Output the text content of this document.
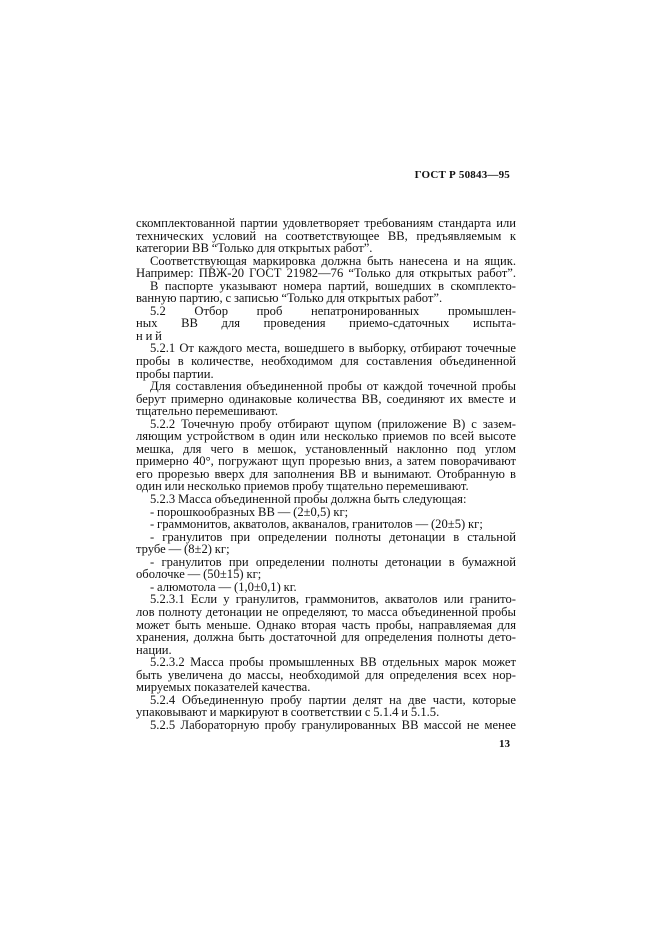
ГОСТ Р 50843—95
скомплектованной партии удовлетворяет требованиям стандарта или
технических условий на соответствующее ВВ, предъявляемым к
категории ВВ “Только для открытых работ”.
Соответствующая маркировка должна быть нанесена и на ящик.
Например: ПВЖ-20 ГОСТ 21982—76 “Только для открытых работ”.
В паспорте указывают номера партий, вошедших в скомплекто-
ванную партию, с записью “Только для открытых работ”.
5.2 Отбор проб непатронированных промышлен-
ных ВВ для проведения приемо-сдаточных испыта-
н и й
5.2.1 От каждого места, вошедшего в выборку, отбирают точечные
пробы в количестве, необходимом для составления объединенной
пробы партии.
Для составления объединенной пробы от каждой точечной пробы
берут примерно одинаковые количества ВВ, соединяют их вместе и
тщательно перемешивают.
5.2.2 Точечную пробу отбирают щупом (приложение В) с зазем-
ляющим устройством в один или несколько приемов по всей высоте
мешка, для чего в мешок, установленный наклонно под углом
примерно 40°, погружают щуп прорезью вниз, а затем поворачивают
его прорезью вверх для заполнения ВВ и вынимают. Отобранную в
один или несколько приемов пробу тщательно перемешивают.
5.2.3 Масса объединенной пробы должна быть следующая:
- порошкообразных ВВ — (2±0,5) кг;
- граммонитов, акватолов, акваналов, гранитолов — (20±5) кг;
- гранулитов при определении полноты детонации в стальной
трубе — (8±2) кг;
- гранулитов при определении полноты детонации в бумажной
оболочке — (50±15) кг;
- алюмотола — (1,0±0,1) кг.
5.2.3.1 Если у гранулитов, граммонитов, акватолов или гранито-
лов полноту детонации не определяют, то масса объединенной пробы
может быть меньше. Однако вторая часть пробы, направляемая для
хранения, должна быть достаточной для определения полноты дето-
нации.
5.2.3.2 Масса пробы промышленных ВВ отдельных марок может
быть увеличена до массы, необходимой для определения всех нор-
мируемых показателей качества.
5.2.4 Объединенную пробу партии делят на две части, которые
упаковывают и маркируют в соответствии с 5.1.4 и 5.1.5.
5.2.5 Лабораторную пробу гранулированных ВВ массой не менее
13
